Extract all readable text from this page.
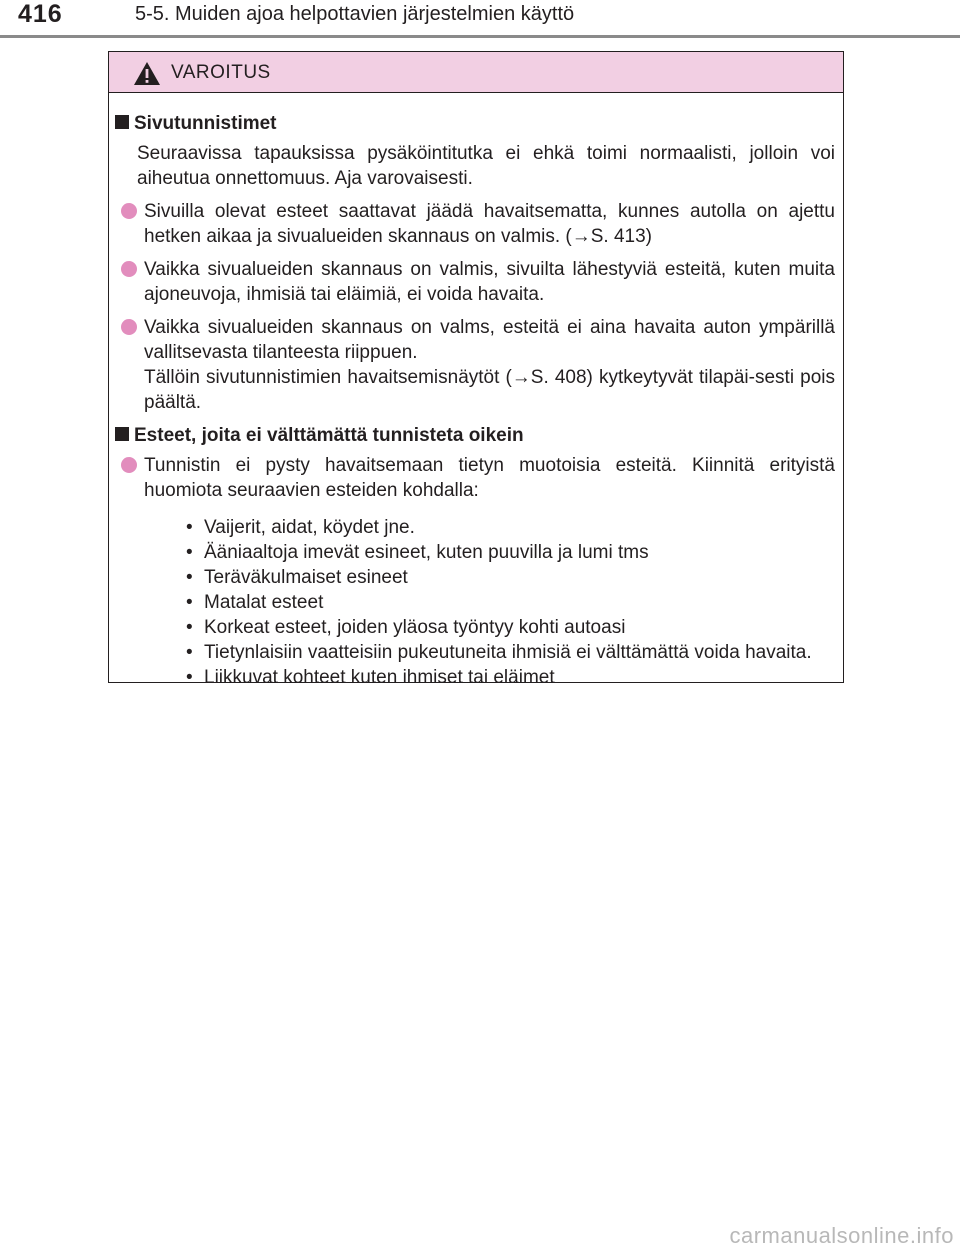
416	5-5. Muiden ajoa helpottavien järjestelmien käyttö
VAROITUS
Sivutunnistimet

Seuraavissa tapauksissa pysäköintitutka ei ehkä toimi normaalisti, jolloin voi aiheutua onnettomuus. Aja varovaisesti.

Sivuilla olevat esteet saattavat jäädä havaitsematta, kunnes autolla on ajettu hetken aikaa ja sivualueiden skannaus on valmis. (→S. 413)

Vaikka sivualueiden skannaus on valmis, sivuilta lähestyviä esteitä, kuten muita ajoneuvoja, ihmisiä tai eläimiä, ei voida havaita.

Vaikka sivualueiden skannaus on valms, esteitä ei aina havaita auton ympärillä vallitsevasta tilanteesta riippuen.

Tällöin sivutunnistimien havaitsemisnäytöt (→S. 408) kytkeytyvät tilapäi-sesti pois päältä.

Esteet, joita ei välttämättä tunnisteta oikein

Tunnistin ei pysty havaitsemaan tietyn muotoisia esteitä. Kiinnitä erityistä huomiota seuraavien esteiden kohdalla:

• Vaijerit, aidat, köydet jne.
• Ääniaaltoja imevät esineet, kuten puuvilla ja lumi tms
• Teräväkulmaiset esineet
• Matalat esteet
• Korkeat esteet, joiden yläosa työntyy kohti autoasi
• Tietynlaisiin vaatteisiin pukeutuneita ihmisiä ei välttämättä voida havaita.
• Liikkuvat kohteet kuten ihmiset tai eläimet
carmanualsonline.info
